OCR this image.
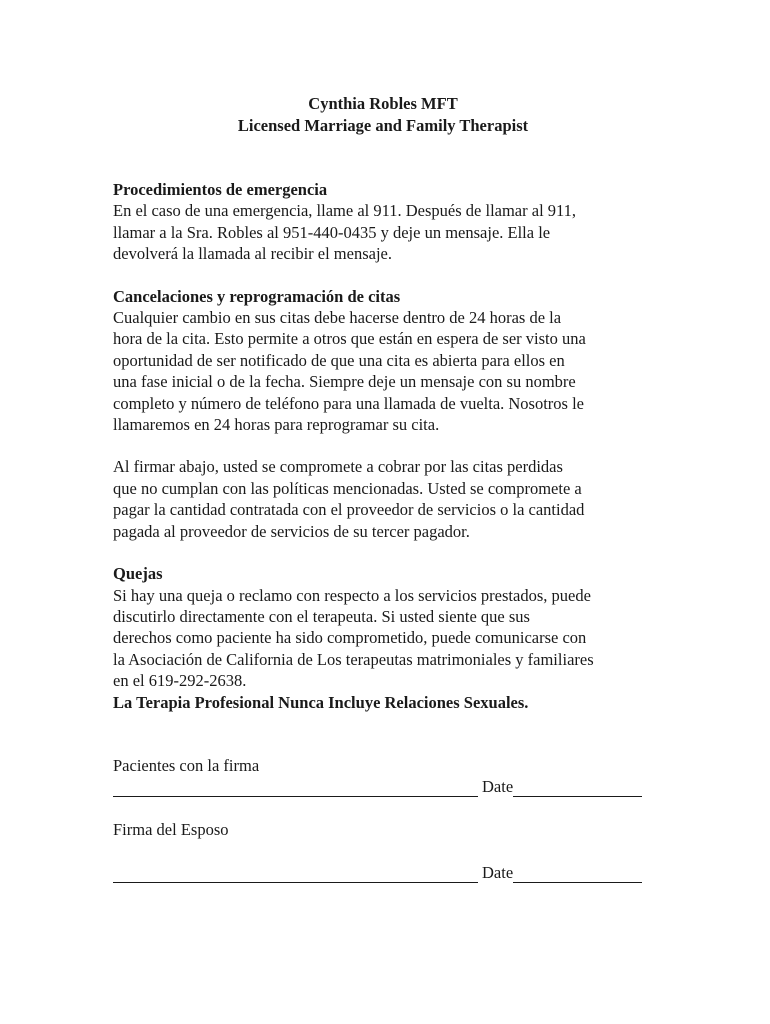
Cynthia Robles MFT
Licensed Marriage and Family Therapist
Procedimientos de emergencia
En el caso de una emergencia, llame al 911. Después de llamar al 911,
llamar a la Sra. Robles al 951-440-0435 y deje un mensaje. Ella le
devolverá la llamada al recibir el mensaje.
Cancelaciones y reprogramación de citas
Cualquier cambio en sus citas debe hacerse dentro de 24 horas de la
hora de la cita. Esto permite a otros que están en espera de ser visto una
oportunidad de ser notificado de que una cita es abierta para ellos en
una fase inicial o de la fecha. Siempre deje un mensaje con su nombre
completo y número de teléfono para una llamada de vuelta. Nosotros le
llamaremos en 24 horas para reprogramar su cita.
Al firmar abajo, usted se compromete a cobrar por las citas perdidas
que no cumplan con las políticas mencionadas. Usted se compromete a
pagar la cantidad contratada con el proveedor de servicios o la cantidad
pagada al proveedor de servicios de su tercer pagador.
Quejas
Si hay una queja o reclamo con respecto a los servicios prestados, puede
discutirlo directamente con el terapeuta. Si usted siente que sus
derechos como paciente ha sido comprometido, puede comunicarse con
la Asociación de California de Los terapeutas matrimoniales y familiares
en el 619-292-2638.
La Terapia Profesional Nunca Incluye Relaciones Sexuales.
Pacientes con la firma
Date
Firma del Esposo
Date
